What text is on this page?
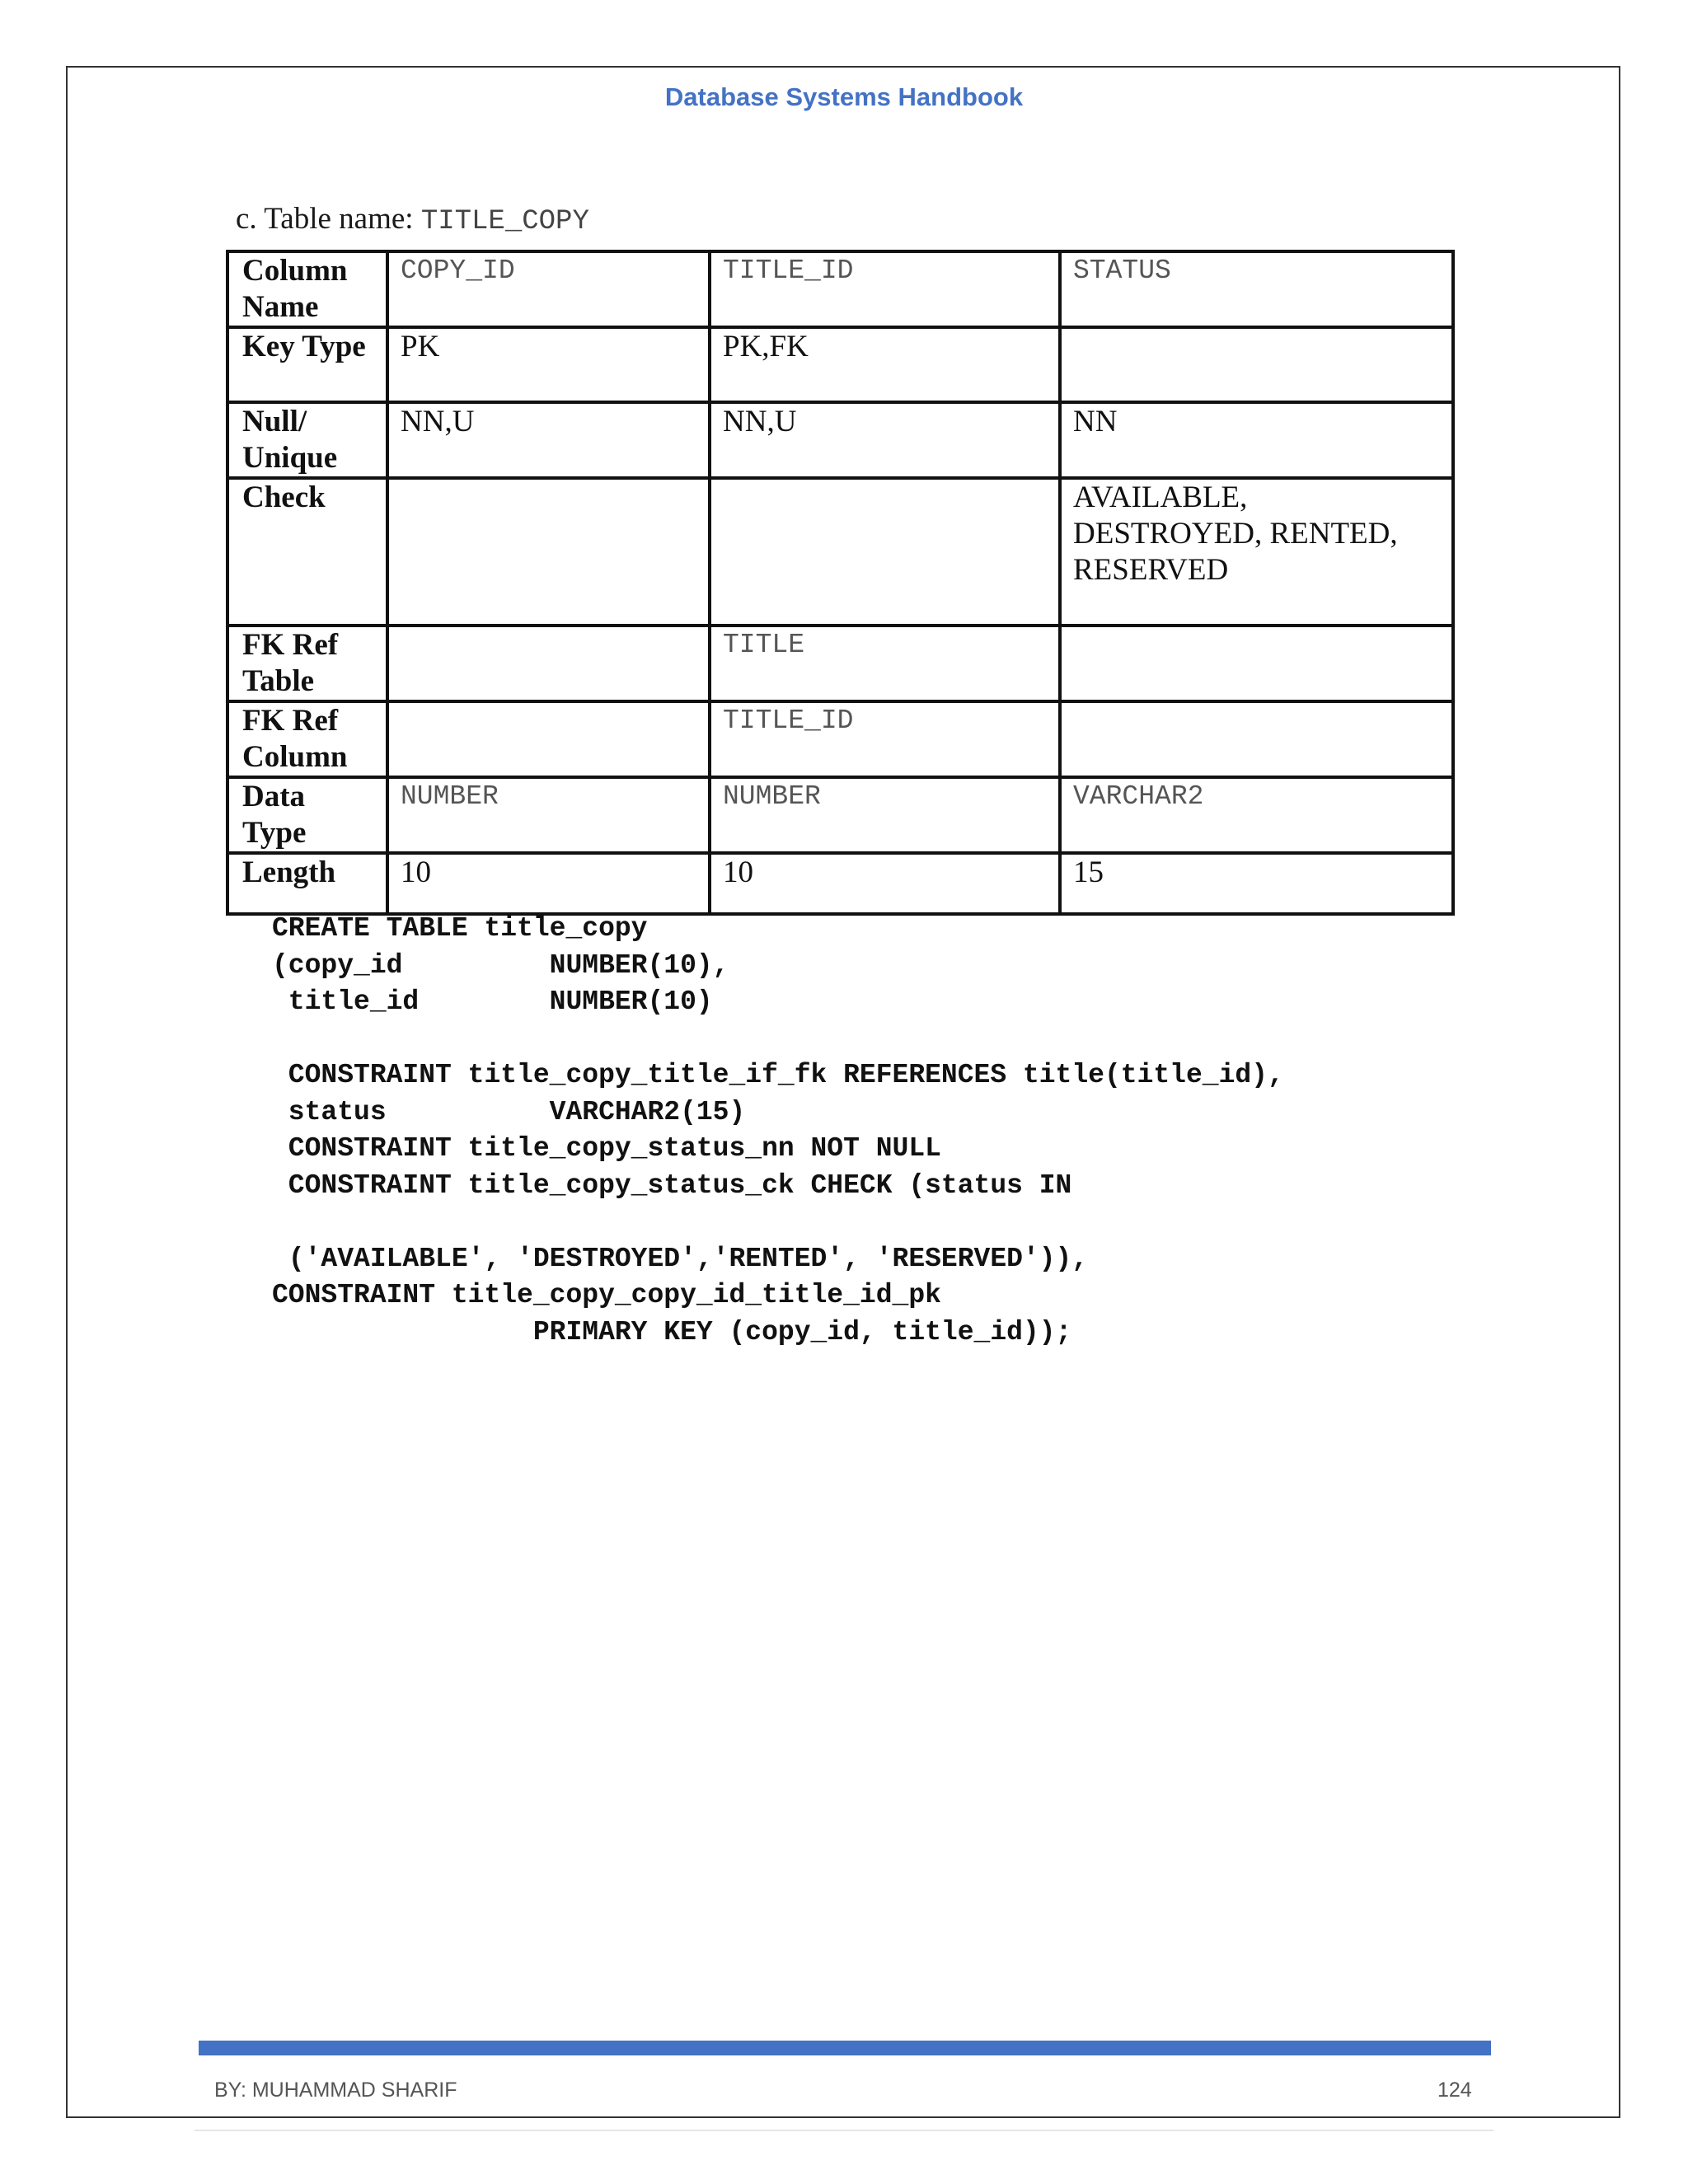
Database Systems Handbook
c. Table name: TITLE_COPY
Column Name	COPY_ID	TITLE_ID	STATUS
Key Type	PK	PK,FK	
Null/ Unique	NN,U	NN,U	NN
Check			AVAILABLE, DESTROYED, RENTED, RESERVED
FK Ref Table		TITLE	
FK Ref Column		TITLE_ID	
Data Type	NUMBER	NUMBER	VARCHAR2
Length	10	10	15
CREATE TABLE title_copy
(copy_id         NUMBER(10),
title_id        NUMBER(10)

CONSTRAINT title_copy_title_if_fk REFERENCES title(title_id),
status          VARCHAR2(15)
CONSTRAINT title_copy_status_nn NOT NULL
CONSTRAINT title_copy_status_ck CHECK (status IN

('AVAILABLE', 'DESTROYED','RENTED', 'RESERVED')),
CONSTRAINT title_copy_copy_id_title_id_pk
PRIMARY KEY (copy_id, title_id));
BY: MUHAMMAD SHARIF	124
